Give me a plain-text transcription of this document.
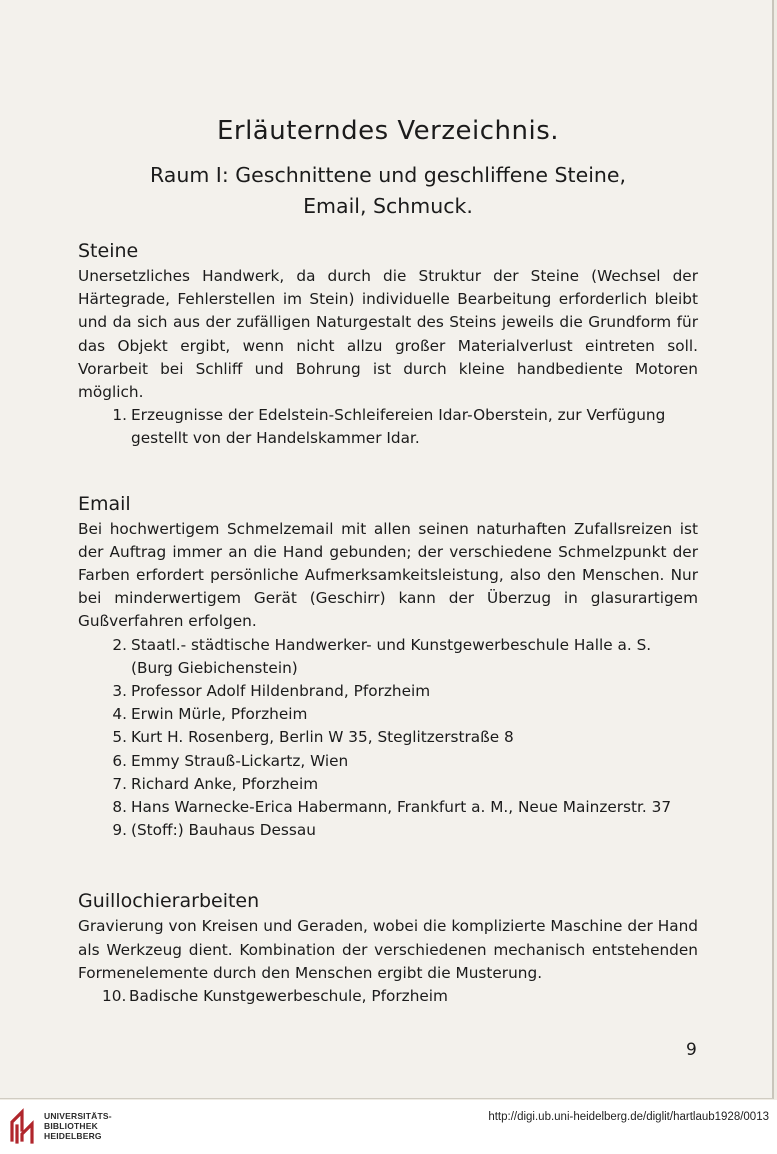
Erläuterndes Verzeichnis.
Raum I: Geschnittene und geschliffene Steine,
Email, Schmuck.
Steine

Unersetzliches Handwerk, da durch die Struktur der Steine (Wechsel der Härtegrade, Fehlerstellen im Stein) individuelle Bearbeitung erforderlich bleibt und da sich aus der zufälligen Naturgestalt des Steins jeweils die Grundform für das Objekt ergibt, wenn nicht allzu großer Materialverlust eintreten soll. Vorarbeit bei Schliff und Bohrung ist durch kleine handbediente Motoren möglich.

1. Erzeugnisse der Edelstein-Schleifereien Idar-Oberstein, zur Verfügung
gestellt von der Handelskammer Idar.
Email

Bei hochwertigem Schmelzemail mit allen seinen naturhaften Zufallsreizen ist der Auftrag immer an die Hand gebunden; der verschiedene Schmelzpunkt der Farben erfordert persönliche Aufmerksamkeitsleistung, also den Menschen. Nur bei minderwertigem Gerät (Geschirr) kann der Überzug in glasurartigem Gußverfahren erfolgen.

2. Staatl.- städtische Handwerker- und Kunstgewerbeschule Halle a. S.
(Burg Giebichenstein)
3. Professor Adolf Hildenbrand, Pforzheim
4. Erwin Mürle, Pforzheim
5. Kurt H. Rosenberg, Berlin W 35, Steglitzerstraße 8
6. Emmy Strauß-Lickartz, Wien
7. Richard Anke, Pforzheim
8. Hans Warnecke-Erica Habermann, Frankfurt a. M., Neue Mainzerstr. 37
9. (Stoff:) Bauhaus Dessau
Guillochierarbeiten

Gravierung von Kreisen und Geraden, wobei die komplizierte Maschine der Hand als Werkzeug dient. Kombination der verschiedenen mechanisch entstehenden Formenelemente durch den Menschen ergibt die Musterung.

10. Badische Kunstgewerbeschule, Pforzheim
9
UNIVERSITÄTS-
BIBLIOTHEK
HEIDELBERG
http://digi.ub.uni-heidelberg.de/diglit/hartlaub1928/0013
